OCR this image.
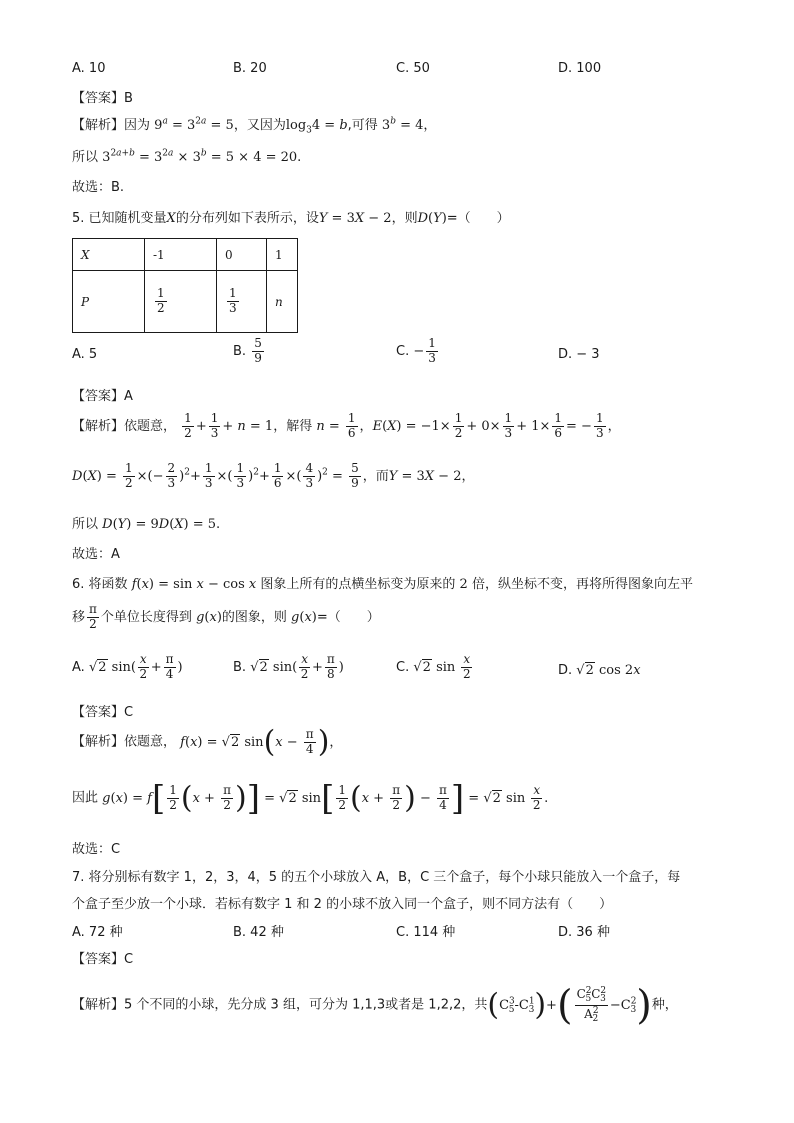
A. 10	B. 20	C. 50	D. 100
【答案】B
【解析】因为 $9^a = 3^{2a} = 5$，又因为$\log_34 = b$,可得 $3^b = 4$，
所以 $3^{2a+b} = 3^{2a} \times 3^b = 5 \times 4 = 20$.
故选：B.
5. 已知随机变量X的分布列如下表所示，设Y = 3X − 2，则D(Y)=（　　）
X	-1	0	1
P	$\frac{1}{2}$	$\frac{1}{3}$	n
A. 5	B. $\frac{5}{9}$	C. − $\frac{1}{3}$	D. − 3
【答案】A
【解析】依题意， $\frac{1}{2} + \frac{1}{3} + n = 1$，解得 $n = \frac{1}{6}$ ，$E(X) = -1\times \frac{1}{2} + 0\times \frac{1}{3} + 1\times \frac{1}{6}$ = − $\frac{1}{3}$ ，
$D(X) = \frac{1}{2}$ ×(− $\frac{2}{3} )^2+ \frac{1}{3}$ ×( $\frac{1}{3} )^2+ \frac{1}{6}$ ×( $\frac{4}{3} )^2 = \frac{5}{9}$ ，而Y = 3X − 2，
所以 D(Y) = 9D(X) = 5.
故选：A
6. 将函数 f(x) = sin x − cos x 图象上所有的点横坐标变为原来的 2 倍，纵坐标不变，再将所得图象向左平
移 $\frac{\pi}{2}$ 个单位长度得到 g(x)的图象，则 g(x)=（　　）
A. √2 $\sin( \frac{x}{2} + \frac{\pi}{4}$ )	B. √2 $\sin( \frac{x}{2} + \frac{\pi}{8}$ )	C. √2 $\sin \frac{x}{2}$	D. √2 cos 2x
【答案】C
【解析】依题意， f(x) = √2 $\sin(x - \frac{\pi}{4}$ )，
因此 $g(x) = f[ \frac{1}{2} (x + \frac{\pi}{2}$ )] = √2 $\sin[ \frac{1}{2} (x + \frac{\pi}{2}$ ) − $\frac{\pi}{4}$ ] = √2 $\sin \frac{x}{2}$ .
故选：C
7. 将分别标有数字 1，2，3，4，5 的五个小球放入 A，B，C 三个盒子，每个小球只能放入一个盒子，每
个盒子至少放一个小球．若标有数字 1 和 2 的小球不放入同一个盒子，则不同方法有（　　）
A. 72 种	B. 42 种	C. 114 种	D. 36 种
【答案】C
【解析】5 个不同的小球，先分成 3 组，可分为 1,1,3或者是 1,2,2，共$(C^3_5-C^1_3)+( \frac{C^2_5C^2_3}{A^2_2} -C^2_3)$种，
